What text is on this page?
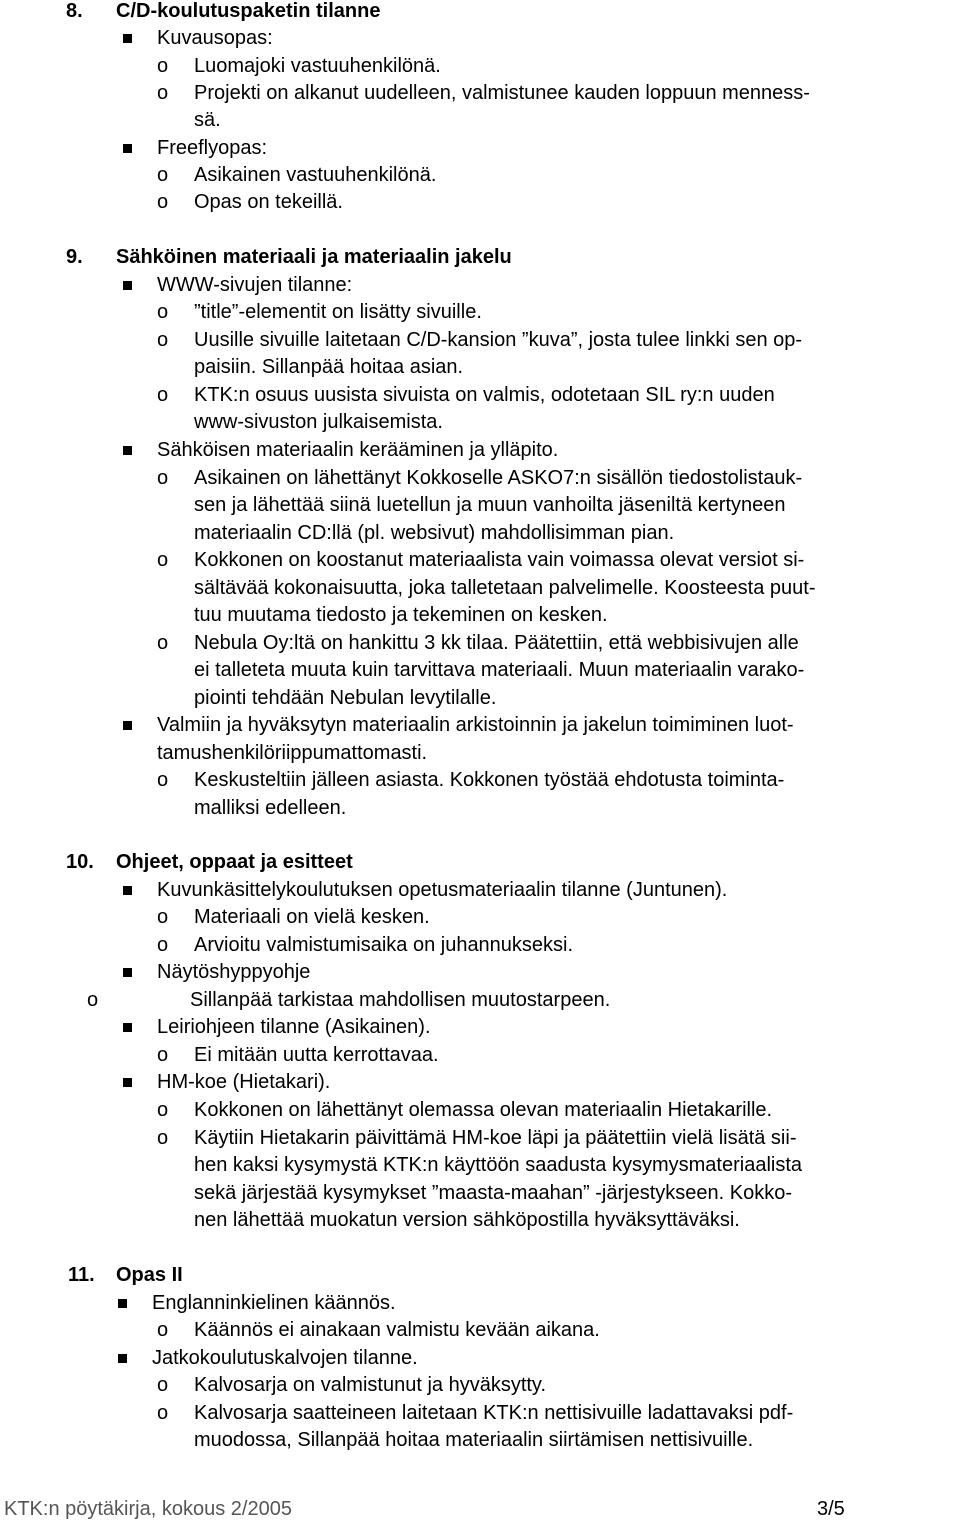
8. C/D-koulutuspaketin tilanne
Kuvausopas:
o Luomajoki vastuuhenkilönä.
o Projekti on alkanut uudelleen, valmistunee kauden loppuun menness-
sä.
Freeflyopas:
o Asikainen vastuuhenkilönä.
o Opas on tekeillä.
9. Sähköinen materiaali ja materiaalin jakelu
WWW-sivujen tilanne:
o ”title”-elementit on lisätty sivuille.
o Uusille sivuille laitetaan C/D-kansion ”kuva”, josta tulee linkki sen op-
paisiin. Sillanpää hoitaa asian.
o KTK:n osuus uusista sivuista on valmis, odotetaan SIL ry:n uuden
www-sivuston julkaisemista.
Sähköisen materiaalin kerääminen ja ylläpito.
o Asikainen on lähettänyt Kokkoselle ASKO7:n sisällön tiedostolistauk-
sen ja lähettää siinä luetellun ja muun vanhoilta jäseniltä kertyneen
materiaalin CD:llä (pl. websivut) mahdollisimman pian.
o Kokkonen on koostanut materiaalista vain voimassa olevat versiot si-
sältävää kokonaisuutta, joka talletetaan palvelimelle. Koosteesta puut-
tuu muutama tiedosto ja tekeminen on kesken.
o Nebula Oy:ltä on hankittu 3 kk tilaa. Päätettiin, että webbisivujen alle
ei talleteta muuta kuin tarvittava materiaali. Muun materiaalin varako-
piointi tehdään Nebulan levytilalle.
Valmiin ja hyväksytyn materiaalin arkistoinnin ja jakelun toimiminen luot-
tamushenkilöriippumattomasti.
o Keskusteltiin jälleen asiasta. Kokkonen työstää ehdotusta toiminta-
malliksi edelleen.
10. Ohjeet, oppaat ja esitteet
Kuvunkäsittelykoulutuksen opetusmateriaalin tilanne (Juntunen).
o Materiaali on vielä kesken.
o Arvioitu valmistumisaika on juhannukseksi.
Näytöshyppyohje
o	Sillanpää tarkistaa mahdollisen muutostarpeen.
Leiriohjeen tilanne (Asikainen).
o Ei mitään uutta kerrottavaa.
HM-koe (Hietakari).
o Kokkonen on lähettänyt olemassa olevan materiaalin Hietakarille.
o Käytiin Hietakarin päivittämä HM-koe läpi ja päätettiin vielä lisätä sii-
hen kaksi kysymystä KTK:n käyttöön saadusta kysymysmateriaalista
sekä järjestää kysymykset ”maasta-maahan” -järjestykseen. Kokko-
nen lähettää muokatun version sähköpostilla hyväksyttäväksi.
11. Opas II
Englanninkielinen käännös.
o Käännös ei ainakaan valmistu kevään aikana.
Jatkokoulutuskalvojen tilanne.
o Kalvosarja on valmistunut ja hyväksytty.
o Kalvosarja saatteineen laitetaan KTK:n nettisivuille ladattavaksi pdf-
muodossa, Sillanpää hoitaa materiaalin siirtämisen nettisivuille.
KTK:n pöytäkirja, kokous 2/2005	3/5
